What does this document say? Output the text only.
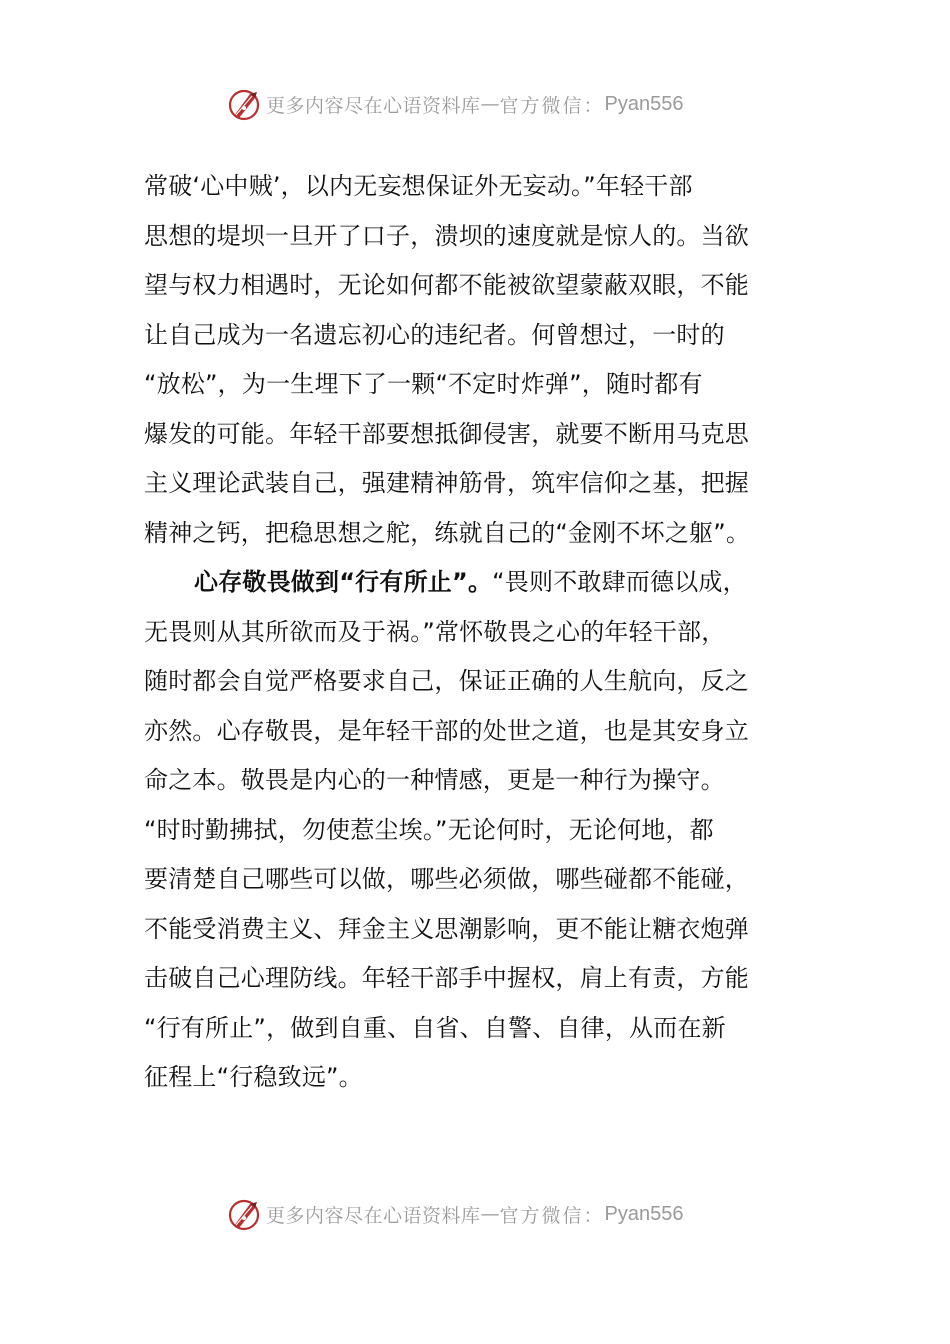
更多内容尽在心语资料库 — 官方微信： Pyan556
常破‘心中贼’，以内无妄想保证外无妄动。”年轻干部
思想的堤坝一旦开了口子，溃坝的速度就是惊人的。当欲
望与权力相遇时，无论如何都不能被欲望蒙蔽双眼，不能
让自己成为一名遗忘初心的违纪者。何曾想过，一时的
“放松”，为一生埋下了一颗“不定时炸弹”，随时都有
爆发的可能。年轻干部要想抵御侵害，就要不断用马克思
主义理论武装自己，强建精神筋骨，筑牢信仰之基，把握
精神之钙，把稳思想之舵，练就自己的“金刚不坏之躯”。
心存敬畏做到“行有所止”。“畏则不敢肆而德以成，
无畏则从其所欲而及于祸。”常怀敬畏之心的年轻干部，
随时都会自觉严格要求自己，保证正确的人生航向，反之
亦然。心存敬畏，是年轻干部的处世之道，也是其安身立
命之本。敬畏是内心的一种情感，更是一种行为操守。
“时时勤拂拭，勿使惹尘埃。”无论何时，无论何地，都
要清楚自己哪些可以做，哪些必须做，哪些碰都不能碰，
不能受消费主义、拜金主义思潮影响，更不能让糖衣炮弹
击破自己心理防线。年轻干部手中握权，肩上有责，方能
“行有所止”，做到自重、自省、自警、自律，从而在新
征程上“行稳致远”。
更多内容尽在心语资料库 — 官方微信： Pyan556
